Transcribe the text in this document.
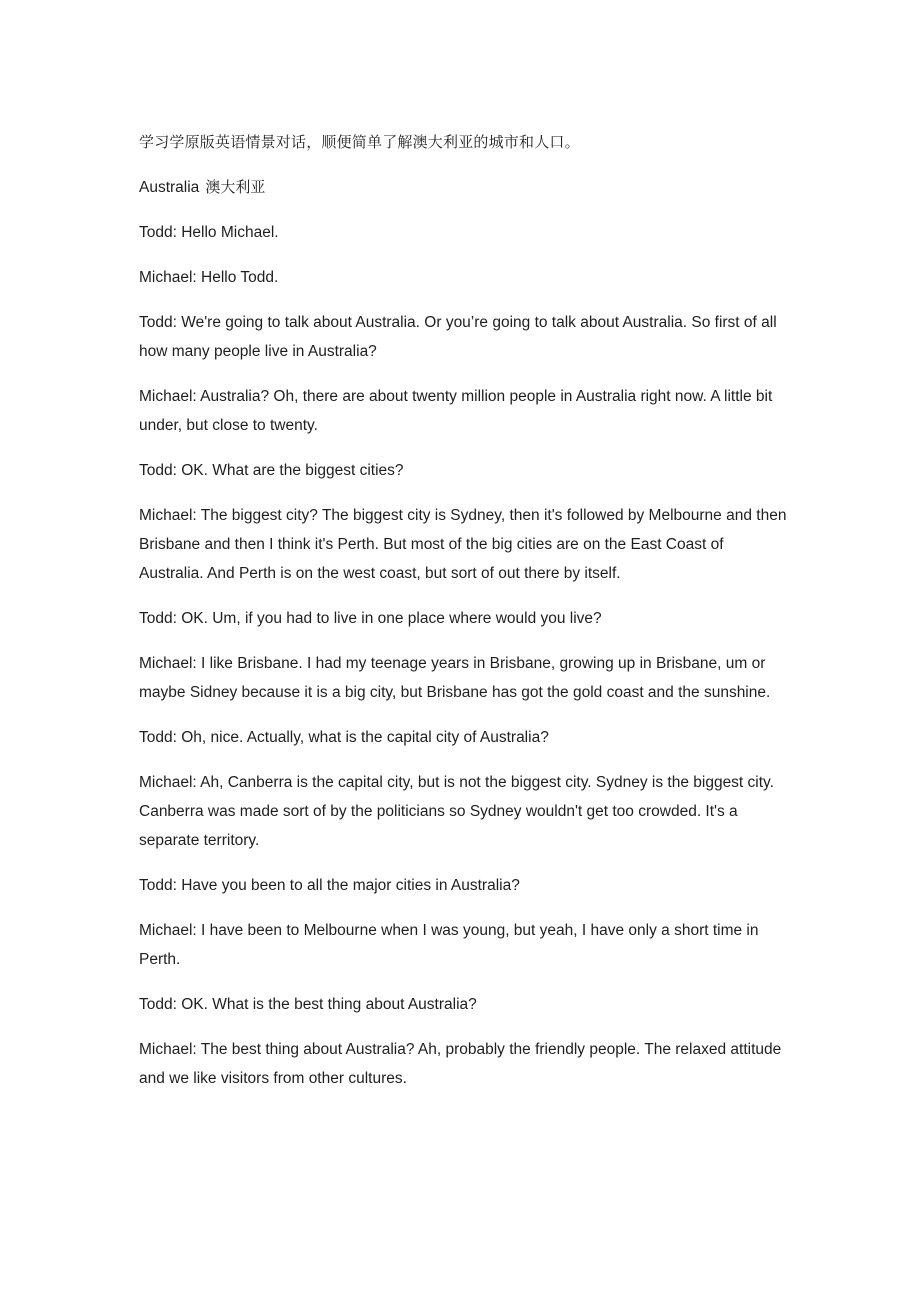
学习学原版英语情景对话，顺便简单了解澳大利亚的城市和人口。

Australia 澳大利亚

Todd: Hello Michael.

Michael: Hello Todd.

Todd: We're going to talk about Australia. Or you’re going to talk about Australia. So first of all how many people live in Australia?

Michael: Australia? Oh, there are about twenty million people in Australia right now. A little bit under, but close to twenty.

Todd: OK. What are the biggest cities?

Michael: The biggest city? The biggest city is Sydney, then it's followed by Melbourne and then Brisbane and then I think it's Perth. But most of the big cities are on the East Coast of Australia. And Perth is on the west coast, but sort of out there by itself.

Todd: OK. Um, if you had to live in one place where would you live?

Michael: I like Brisbane. I had my teenage years in Brisbane, growing up in Brisbane, um or maybe Sidney because it is a big city, but Brisbane has got the gold coast and the sunshine.

Todd: Oh, nice. Actually, what is the capital city of Australia?

Michael: Ah, Canberra is the capital city, but is not the biggest city. Sydney is the biggest city. Canberra was made sort of by the politicians so Sydney wouldn't get too crowded. It's a separate territory.

Todd: Have you been to all the major cities in Australia?

Michael: I have been to Melbourne when I was young, but yeah, I have only a short time in Perth.

Todd: OK. What is the best thing about Australia?

Michael: The best thing about Australia? Ah, probably the friendly people. The relaxed attitude and we like visitors from other cultures.
